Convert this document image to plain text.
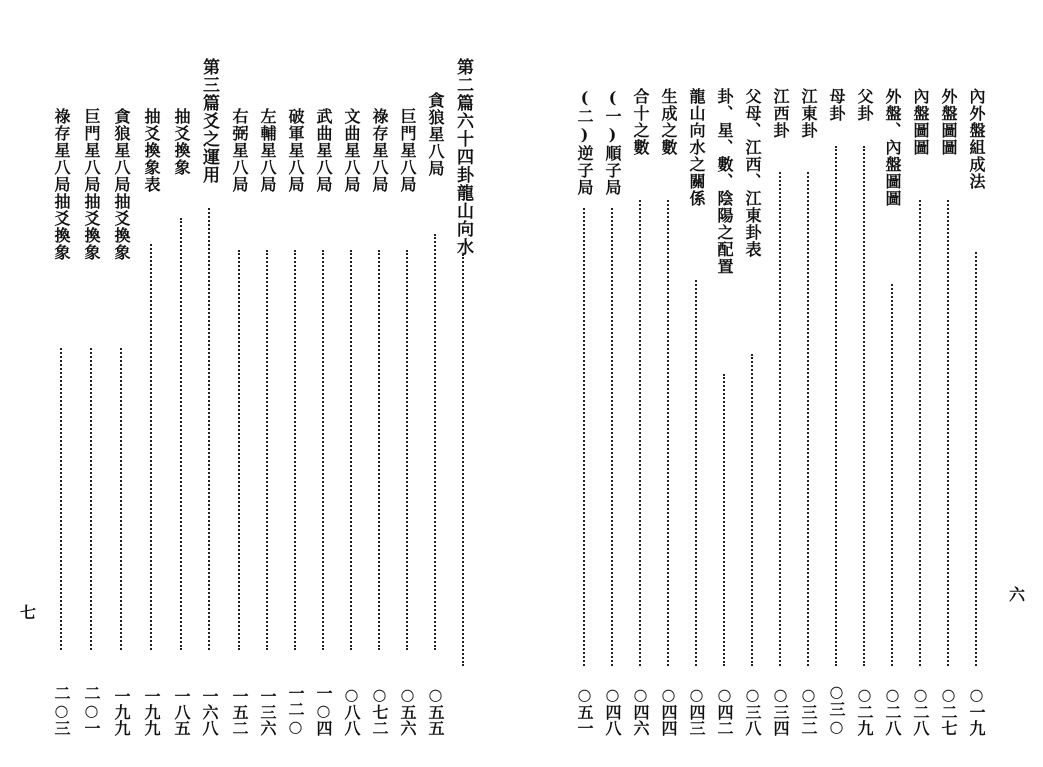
第二篇六十四卦龍山向水
貪狼星八局
○五五
巨門星八局
○五六
祿存星八局
○七二
文曲星八局
○八八
武曲星八局
一○四
破軍星八局
一二○
左輔星八局
一三六
右弼星八局
一五二
第三篇爻之運用
一六八
抽爻換象
一八五
抽爻換象表
一九九
貪狼星八局抽爻換象
一九九
巨門星八局抽爻換象
二○一
祿存星八局抽爻換象
二○三
七
內外盤組成法
○一九
外盤圖圖
○二七
內盤圖圖
○二八
外盤、內盤圖圖
○二八
父卦
○二九
母卦
○三○
江東卦
○三二
江西卦
○三四
父母、江西、江東卦表
○三八
卦、星、數、陰陽之配置
○四二
龍山向水之關係
○四三
生成之數
○四四
合十之數
○四六
(一)順子局
○四八
(二)逆子局
○五一
六
